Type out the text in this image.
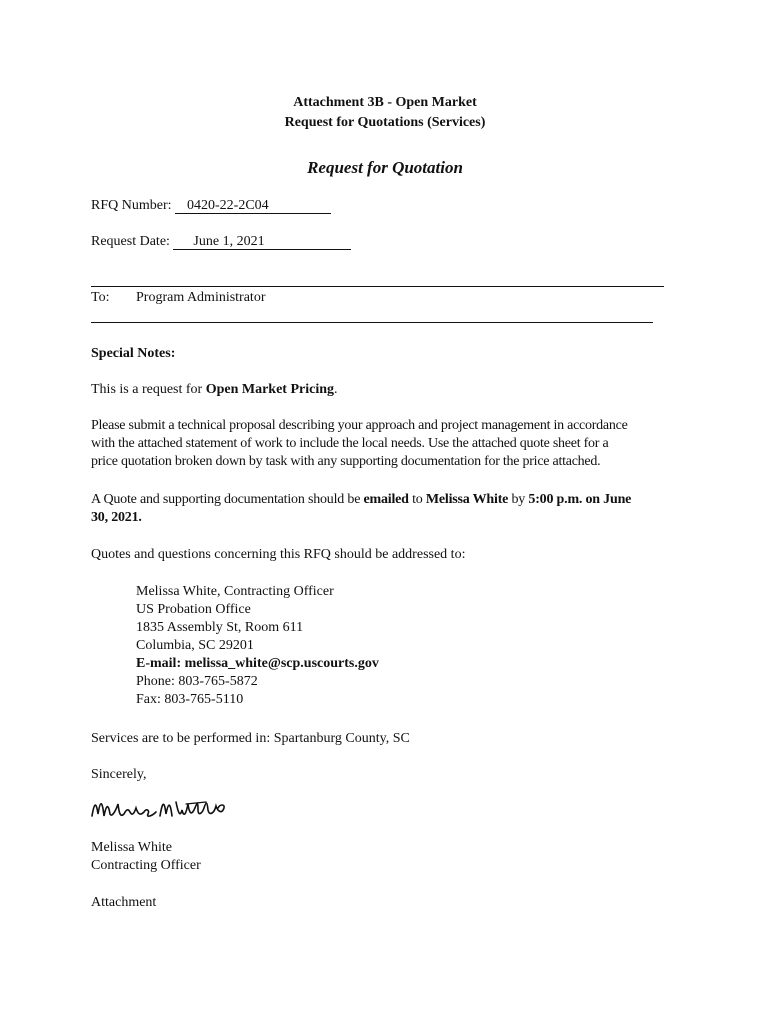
Attachment 3B - Open Market
Request for Quotations (Services)
Request for Quotation
RFQ Number: 0420-22-2C04
Request Date: June 1, 2021
To: Program Administrator
Special Notes:
This is a request for Open Market Pricing.
Please submit a technical proposal describing your approach and project management in accordance
with the attached statement of work to include the local needs. Use the attached quote sheet for a
price quotation broken down by task with any supporting documentation for the price attached.
A Quote and supporting documentation should be emailed to Melissa White by 5:00 p.m. on June
30, 2021.
Quotes and questions concerning this RFQ should be addressed to:
Melissa White, Contracting Officer
US Probation Office
1835 Assembly St, Room 611
Columbia, SC 29201
E-mail: melissa_white@scp.uscourts.gov
Phone: 803-765-5872
Fax: 803-765-5110
Services are to be performed in: Spartanburg County, SC
Sincerely,
Melissa White
Contracting Officer
Attachment
